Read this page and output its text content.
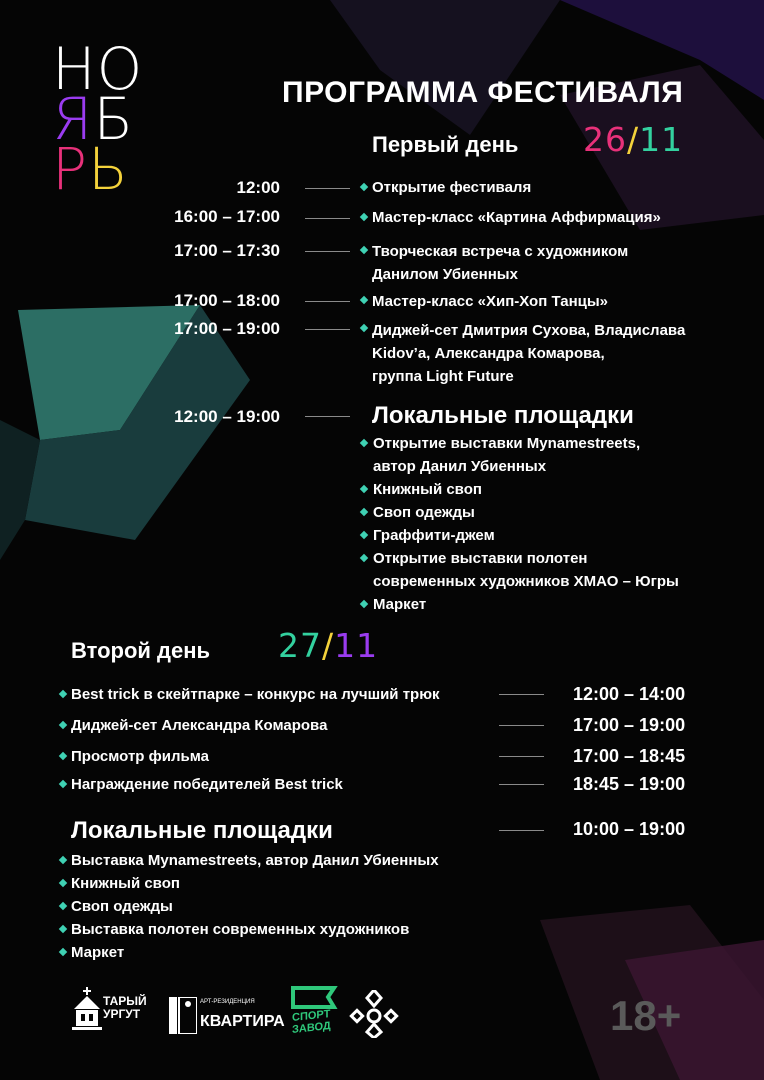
НО
ЯБ
РЬ
ПРОГРАММА ФЕСТИВАЛЯ
Первый день 26/11
12:00	Открытие фестиваля
16:00 – 17:00	Мастер-класс «Картина Аффирмация»
17:00 – 17:30	Творческая встреча с художником
Данилом Убиенных
17:00 – 18:00	Мастер-класс «Хип-Хоп Танцы»
17:00 – 19:00	Диджей-сет Дмитрия Сухова, Владислава
Kidov’a, Александра Комарова,
группа Light Future
12:00 – 19:00	Локальные площадки
Открытие выставки Mynamestreets,
автор Данил Убиенных
Книжный своп
Своп одежды
Граффити-джем
Открытие выставки полотен
современных художников ХМАО – Югры
Маркет
Второй день 27/11
Best trick в скейтпарке – конкурс на лучший трюк	12:00 – 14:00
Диджей-сет Александра Комарова	17:00 – 19:00
Просмотр фильма	17:00 – 18:45
Награждение победителей Best trick	18:45 – 19:00
Локальные площадки	10:00 – 19:00
Выставка Mynamestreets, автор Данил Убиенных
Книжный своп
Своп одежды
Выставка полотен современных художников
Маркет
ТАРЫЙ
УРГУТ
АРТ-РЕЗИДЕНЦИЯ
КВАРТИРА СПОРТ
ЗАВОД	18+
